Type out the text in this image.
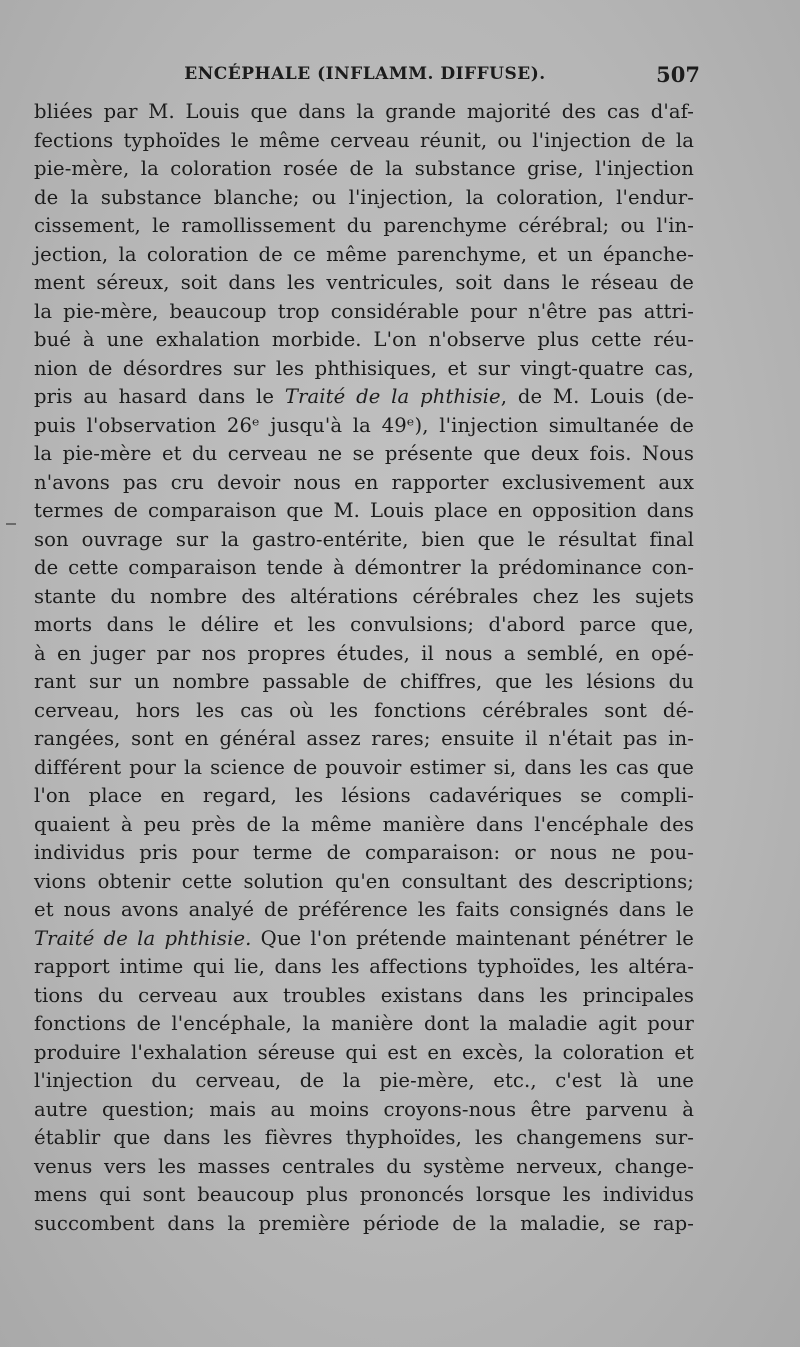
ENCÉPHALE (INFLAMM. DIFFUSE).	507
bliées par M. Louis que dans la grande majorité des cas d'af-
fections typhoïdes le même cerveau réunit, ou l'injection de la
pie-mère, la coloration rosée de la substance grise, l'injection
de la substance blanche; ou l'injection, la coloration, l'endur-
cissement, le ramollissement du parenchyme cérébral; ou l'in-
jection, la coloration de ce même parenchyme, et un épanche-
ment séreux, soit dans les ventricules, soit dans le réseau de
la pie-mère, beaucoup trop considérable pour n'être pas attri-
bué à une exhalation morbide. L'on n'observe plus cette réu-
nion de désordres sur les phthisiques, et sur vingt-quatre cas,
pris au hasard dans le Traité de la phthisie, de M. Louis (de-
puis l'observation 26ᵉ jusqu'à la 49ᵉ), l'injection simultanée de
la pie-mère et du cerveau ne se présente que deux fois. Nous
n'avons pas cru devoir nous en rapporter exclusivement aux
termes de comparaison que M. Louis place en opposition dans
son ouvrage sur la gastro-entérite, bien que le résultat final
de cette comparaison tende à démontrer la prédominance con-
stante du nombre des altérations cérébrales chez les sujets
morts dans le délire et les convulsions; d'abord parce que,
à en juger par nos propres études, il nous a semblé, en opé-
rant sur un nombre passable de chiffres, que les lésions du
cerveau, hors les cas où les fonctions cérébrales sont dé-
rangées, sont en général assez rares; ensuite il n'était pas in-
différent pour la science de pouvoir estimer si, dans les cas que
l'on place en regard, les lésions cadavériques se compli-
quaient à peu près de la même manière dans l'encéphale des
individus pris pour terme de comparaison: or nous ne pou-
vions obtenir cette solution qu'en consultant des descriptions;
et nous avons analyé de préférence les faits consignés dans le
Traité de la phthisie. Que l'on prétende maintenant pénétrer le
rapport intime qui lie, dans les affections typhoïdes, les altéra-
tions du cerveau aux troubles existans dans les principales
fonctions de l'encéphale, la manière dont la maladie agit pour
produire l'exhalation séreuse qui est en excès, la coloration et
l'injection du cerveau, de la pie-mère, etc., c'est là une
autre question; mais au moins croyons-nous être parvenu à
établir que dans les fièvres thyphoïdes, les changemens sur-
venus vers les masses centrales du système nerveux, change-
mens qui sont beaucoup plus prononcés lorsque les individus
succombent dans la première période de la maladie, se rap-
